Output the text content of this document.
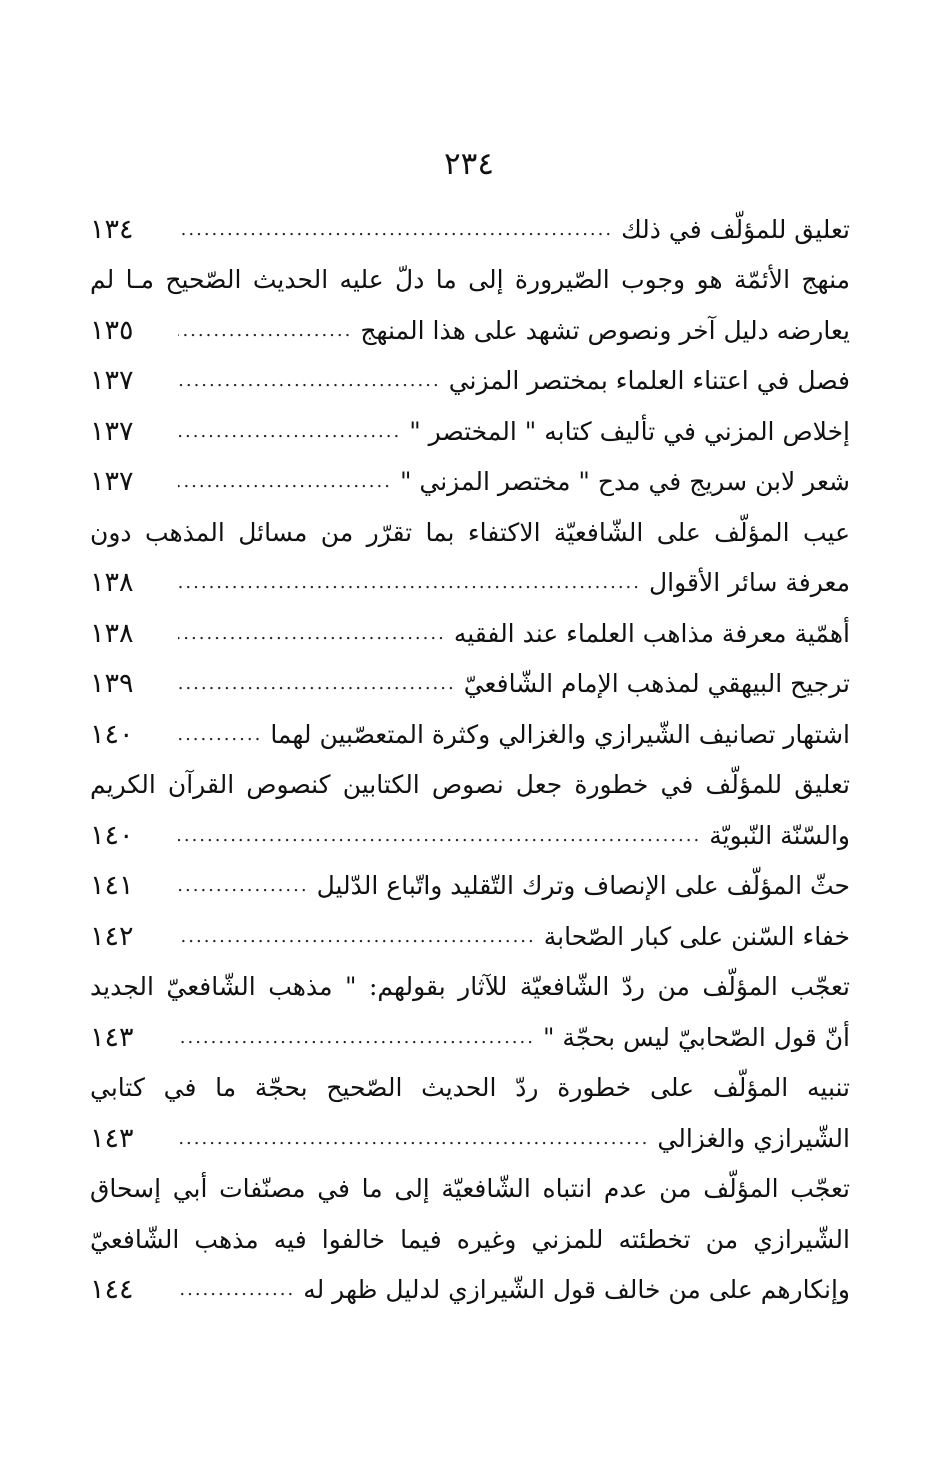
٢٣٤
تعليق للمؤلّف في ذلك
.....
١٣٤
منهج الأئمّة هو وجوب الصّيرورة إلى ما دلّ عليه الحديث الصّحيح مـا لم
يعارضه دليل آخر ونصوص تشهد على هذا المنهج
.....
١٣٥
فصل في اعتناء العلماء بمختصر المزني
.....
١٣٧
إخلاص المزني في تأليف كتابه " المختصر "
.....
١٣٧
شعر لابن سريج في مدح " مختصر المزني "
.....
١٣٧
عيب المؤلّف على الشّافعيّة الاكتفاء بما تقرّر من مسائل المذهب دون
معرفة سائر الأقوال
.....
١٣٨
أهمّية معرفة مذاهب العلماء عند الفقيه
.....
١٣٨
ترجيح البيهقي لمذهب الإمام الشّافعيّ
.....
١٣٩
اشتهار تصانيف الشّيرازي والغزالي وكثرة المتعصّبين لهما
.....
١٤٠
تعليق للمؤلّف في خطورة جعل نصوص الكتابين كنصوص القرآن الكريم
والسّنّة النّبويّة
.....
١٤٠
حثّ المؤلّف على الإنصاف وترك التّقليد واتّباع الدّليل
.....
١٤١
خفاء السّنن على كبار الصّحابة
.....
١٤٢
تعجّب المؤلّف من ردّ الشّافعيّة للآثار بقولهم: " مذهب الشّافعيّ الجديد
أنّ قول الصّحابيّ ليس بحجّة "
.....
١٤٣
تنبيه المؤلّف على خطورة ردّ الحديث الصّحيح بحجّة ما في كتابي
الشّيرازي والغزالي
.....
١٤٣
تعجّب المؤلّف من عدم انتباه الشّافعيّة إلى ما في مصنّفات أبي إسحاق
الشّيرازي من تخطئته للمزني وغيره فيما خالفوا فيه مذهب الشّافعيّ
وإنكارهم على من خالف قول الشّيرازي لدليل ظهر له
.....
١٤٤
